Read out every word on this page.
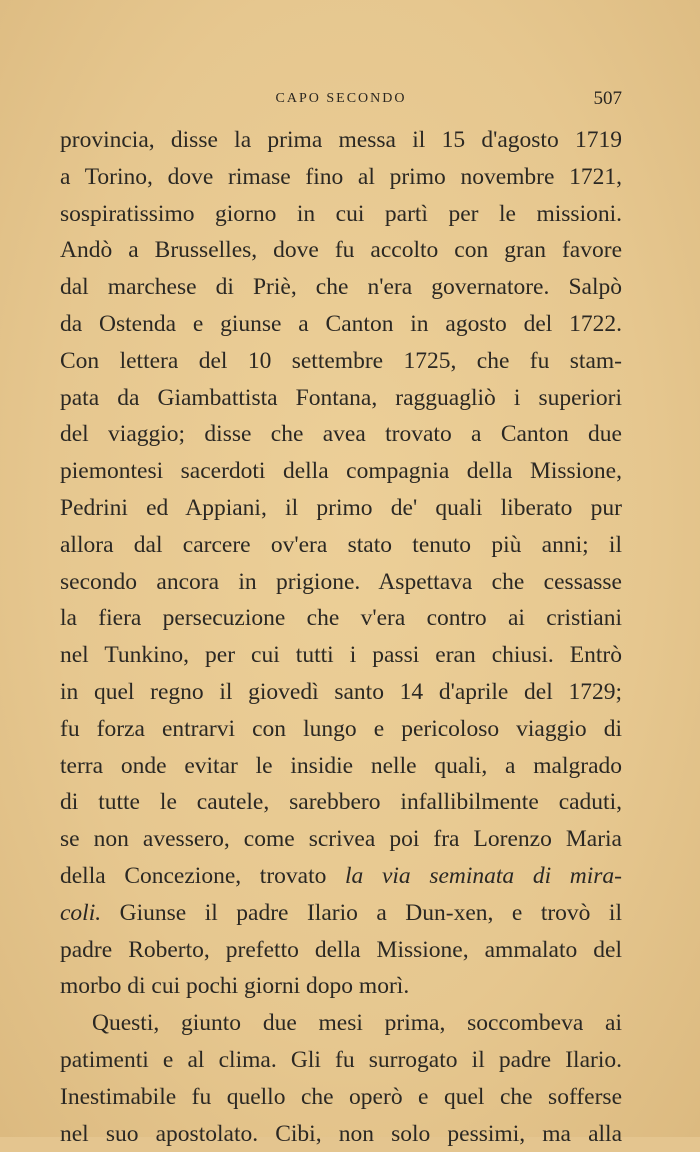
CAPO SECONDO	507
provincia, disse la prima messa il 15 d'agosto 1719
a Torino, dove rimase fino al primo novembre 1721,
sospiratissimo giorno in cui partì per le missioni.
Andò a Brusselles, dove fu accolto con gran favore
dal marchese di Priè, che n'era governatore. Salpò
da Ostenda e giunse a Canton in agosto del 1722.
Con lettera del 10 settembre 1725, che fu stam-
pata da Giambattista Fontana, ragguagliò i superiori
del viaggio; disse che avea trovato a Canton due
piemontesi sacerdoti della compagnia della Missione,
Pedrini ed Appiani, il primo de' quali liberato pur
allora dal carcere ov'era stato tenuto più anni; il
secondo ancora in prigione. Aspettava che cessasse
la fiera persecuzione che v'era contro ai cristiani
nel Tunkino, per cui tutti i passi eran chiusi. Entrò
in quel regno il giovedì santo 14 d'aprile del 1729;
fu forza entrarvi con lungo e pericoloso viaggio di
terra onde evitar le insidie nelle quali, a malgrado
di tutte le cautele, sarebbero infallibilmente caduti,
se non avessero, come scrivea poi fra Lorenzo Maria
della Concezione, trovato la via seminata di mira-
coli. Giunse il padre Ilario a Dun-xen, e trovò il
padre Roberto, prefetto della Missione, ammalato del
morbo di cui pochi giorni dopo morì.
Questi, giunto due mesi prima, soccombeva ai
patimenti e al clima. Gli fu surrogato il padre Ilario.
Inestimabile fu quello che operò e quel che sofferse
nel suo apostolato. Cibi, non solo pessimi, ma alla
